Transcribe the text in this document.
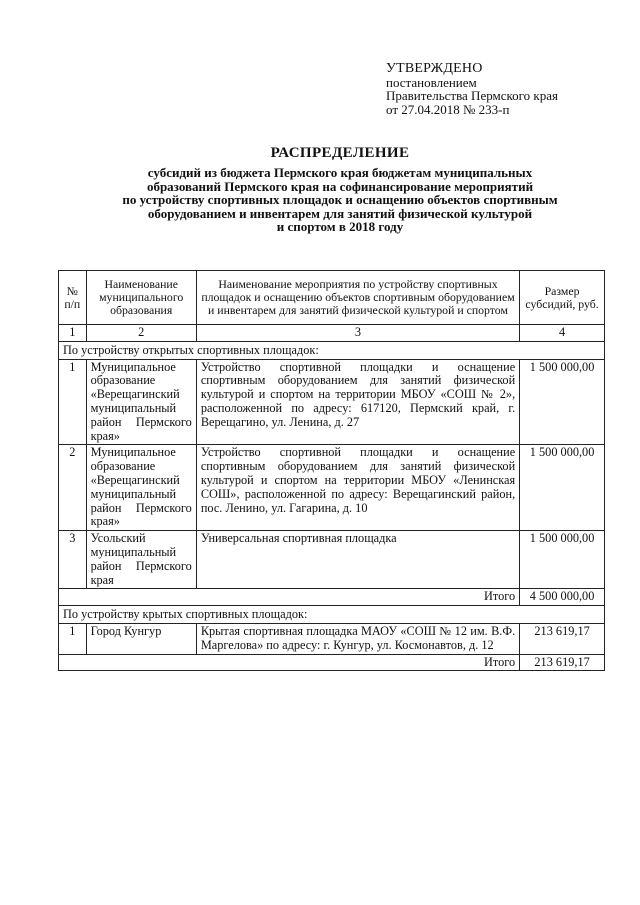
УТВЕРЖДЕНО
постановлением
Правительства Пермского края
от 27.04.2018 № 233-п
РАСПРЕДЕЛЕНИЕ
субсидий из бюджета Пермского края бюджетам муниципальных
образований Пермского края на софинансирование мероприятий
по устройству спортивных площадок и оснащению объектов спортивным
оборудованием и инвентарем для занятий физической культурой
и спортом в 2018 году
№ п/п	Наименование муниципального образования	Наименование мероприятия по устройству спортивных площадок и оснащению объектов спортивным оборудованием и инвентарем для занятий физической культурой и спортом	Размер субсидий, руб.
1	2	3	4
По устройству открытых спортивных площадок:			
1	Муниципальное образование «Верещагинский муниципальный район Пермского края»	Устройство спортивной площадки и оснащение спортивным оборудованием для занятий физической культурой и спортом на территории МБОУ «СОШ № 2», расположенной по адресу: 617120, Пермский край, г. Верещагино, ул. Ленина, д. 27	1 500 000,00
2	Муниципальное образование «Верещагинский муниципальный район Пермского края»	Устройство спортивной площадки и оснащение спортивным оборудованием для занятий физической культурой и спортом на территории МБОУ «Ленинская СОШ», расположенной по адресу: Верещагинский район, пос. Ленино, ул. Гагарина, д. 10	1 500 000,00
3	Усольский муниципальный район Пермского края	Универсальная спортивная площадка	1 500 000,00
Итого			4 500 000,00
По устройству крытых спортивных площадок:			
1	Город Кунгур	Крытая спортивная площадка МАОУ «СОШ № 12 им. В.Ф. Маргелова» по адресу: г. Кунгур, ул. Космонавтов, д. 12	213 619,17
Итого			213 619,17
